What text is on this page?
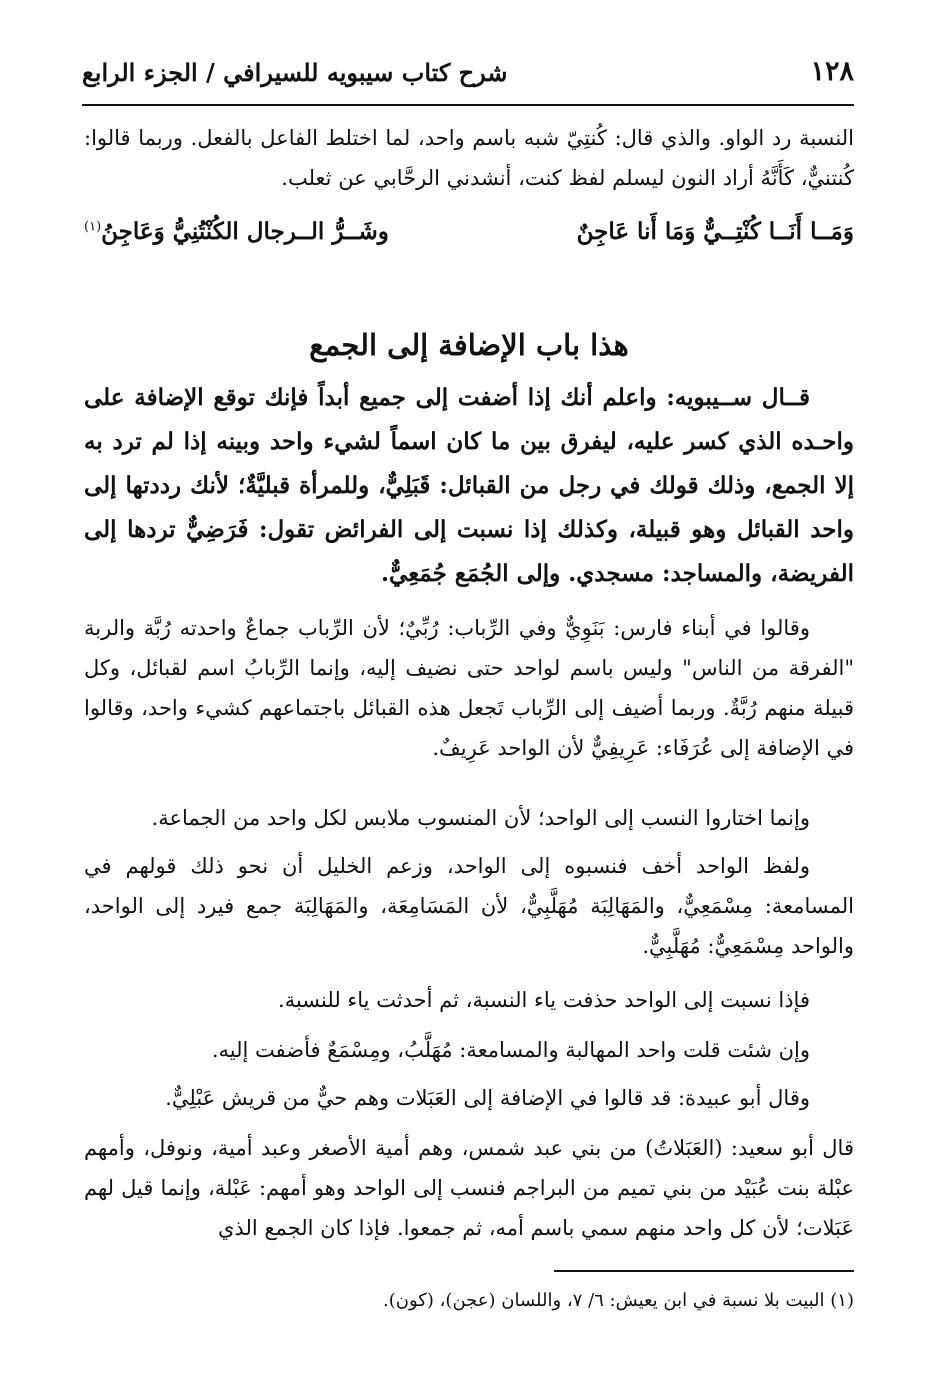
١٢٨
شرح كتاب سيبويه للسيرافي / الجزء الرابع

النسبة رد الواو. والذي قال: كُنتِيّ شبه باسم واحد، لما اختلط الفاعل بالفعل. وربما قالوا: كُنتنيٌّ، كَأَنَّهُ أراد النون ليسلم لفظ كنت، أنشدني الرحَّابي عن ثعلب.

وَمَــا أَنَــا كُنْتِــيٌّ وَمَا أَنا عَاجِنٌ
وشَــرُّ الــرجال الكُنْتُنِيُّ وَعَاجِنُ$^{(١)}$
هذا باب الإضافة إلى الجمع

قــال ســيبويه: واعلم أنك إذا أضفت إلى جميع أبداً فإنك توقع الإضافة على واحـده الذي كسر عليه، ليفرق بين ما كان اسماً لشيء واحد وبينه إذا لم ترد به إلا الجمع، وذلك قولك في رجل من القبائل: قَبَلِيٌّ، وللمرأة قبليَّةٌ؛ لأنك رددتها إلى واحد القبائل وهو قبيلة، وكذلك إذا نسبت إلى الفرائض تقول: فَرَضِيٌّ تردها إلى الفريضة، والمساجد: مسجدي. وإلى الجُمَع جُمَعِيٌّ.

وقالوا في أبناء فارس: بَنَوِيٌّ وفي الرِّباب: رُبِّيٌ؛ لأن الرِّباب جماعٌ واحدته رُبَّة والربة "الفرقة من الناس" وليس باسم لواحد حتى نضيف إليه، وإنما الرِّبابُ اسم لقبائل، وكل قبيلة منهم رُبَّةٌ. وربما أضيف إلى الرِّباب تَجعل هذه القبائل باجتماعهم كشيء واحد، وقالوا في الإضافة إلى عُرَفَاء: عَرِيفِيٌّ لأن الواحد عَرِيفٌ.

وإنما اختاروا النسب إلى الواحد؛ لأن المنسوب ملابس لكل واحد من الجماعة.

ولفظ الواحد أخف فنسبوه إلى الواحد، وزعم الخليل أن نحو ذلك قولهم في المسامعة: مِسْمَعِيٌّ، والمَهَالِبَة مُهَلَّبِيٌّ، لأن المَسَامِعَة، والمَهَالِبَة جمع فيرد إلى الواحد، والواحد مِسْمَعِيٌّ: مُهَلَّبِيٌّ.

فإذا نسبت إلى الواحد حذفت ياء النسبة، ثم أحدثت ياء للنسبة.

وإن شئت قلت واحد المهالبة والمسامعة: مُهَلَّبُ، ومِسْمَعٌ فأضفت إليه.

وقال أبو عبيدة: قد قالوا في الإضافة إلى العَبَلات وهم حيٌّ من قريش عَبْلِيٌّ.

قال أبو سعيد: (العَبَلاتُ) من بني عبد شمس، وهم أمية الأصغر وعبد أمية، ونوفل، وأمهم عبْلة بنت عُبَيْد من بني تميم من البراجم فنسب إلى الواحد وهو أمهم: عَبْلة، وإنما قيل لهم عَبَلات؛ لأن كل واحد منهم سمي باسم أمه، ثم جمعوا. فإذا كان الجمع الذي

(١) البيت بلا نسبة في ابن يعيش: ٦/ ٧، واللسان (عجن)، (كون).
